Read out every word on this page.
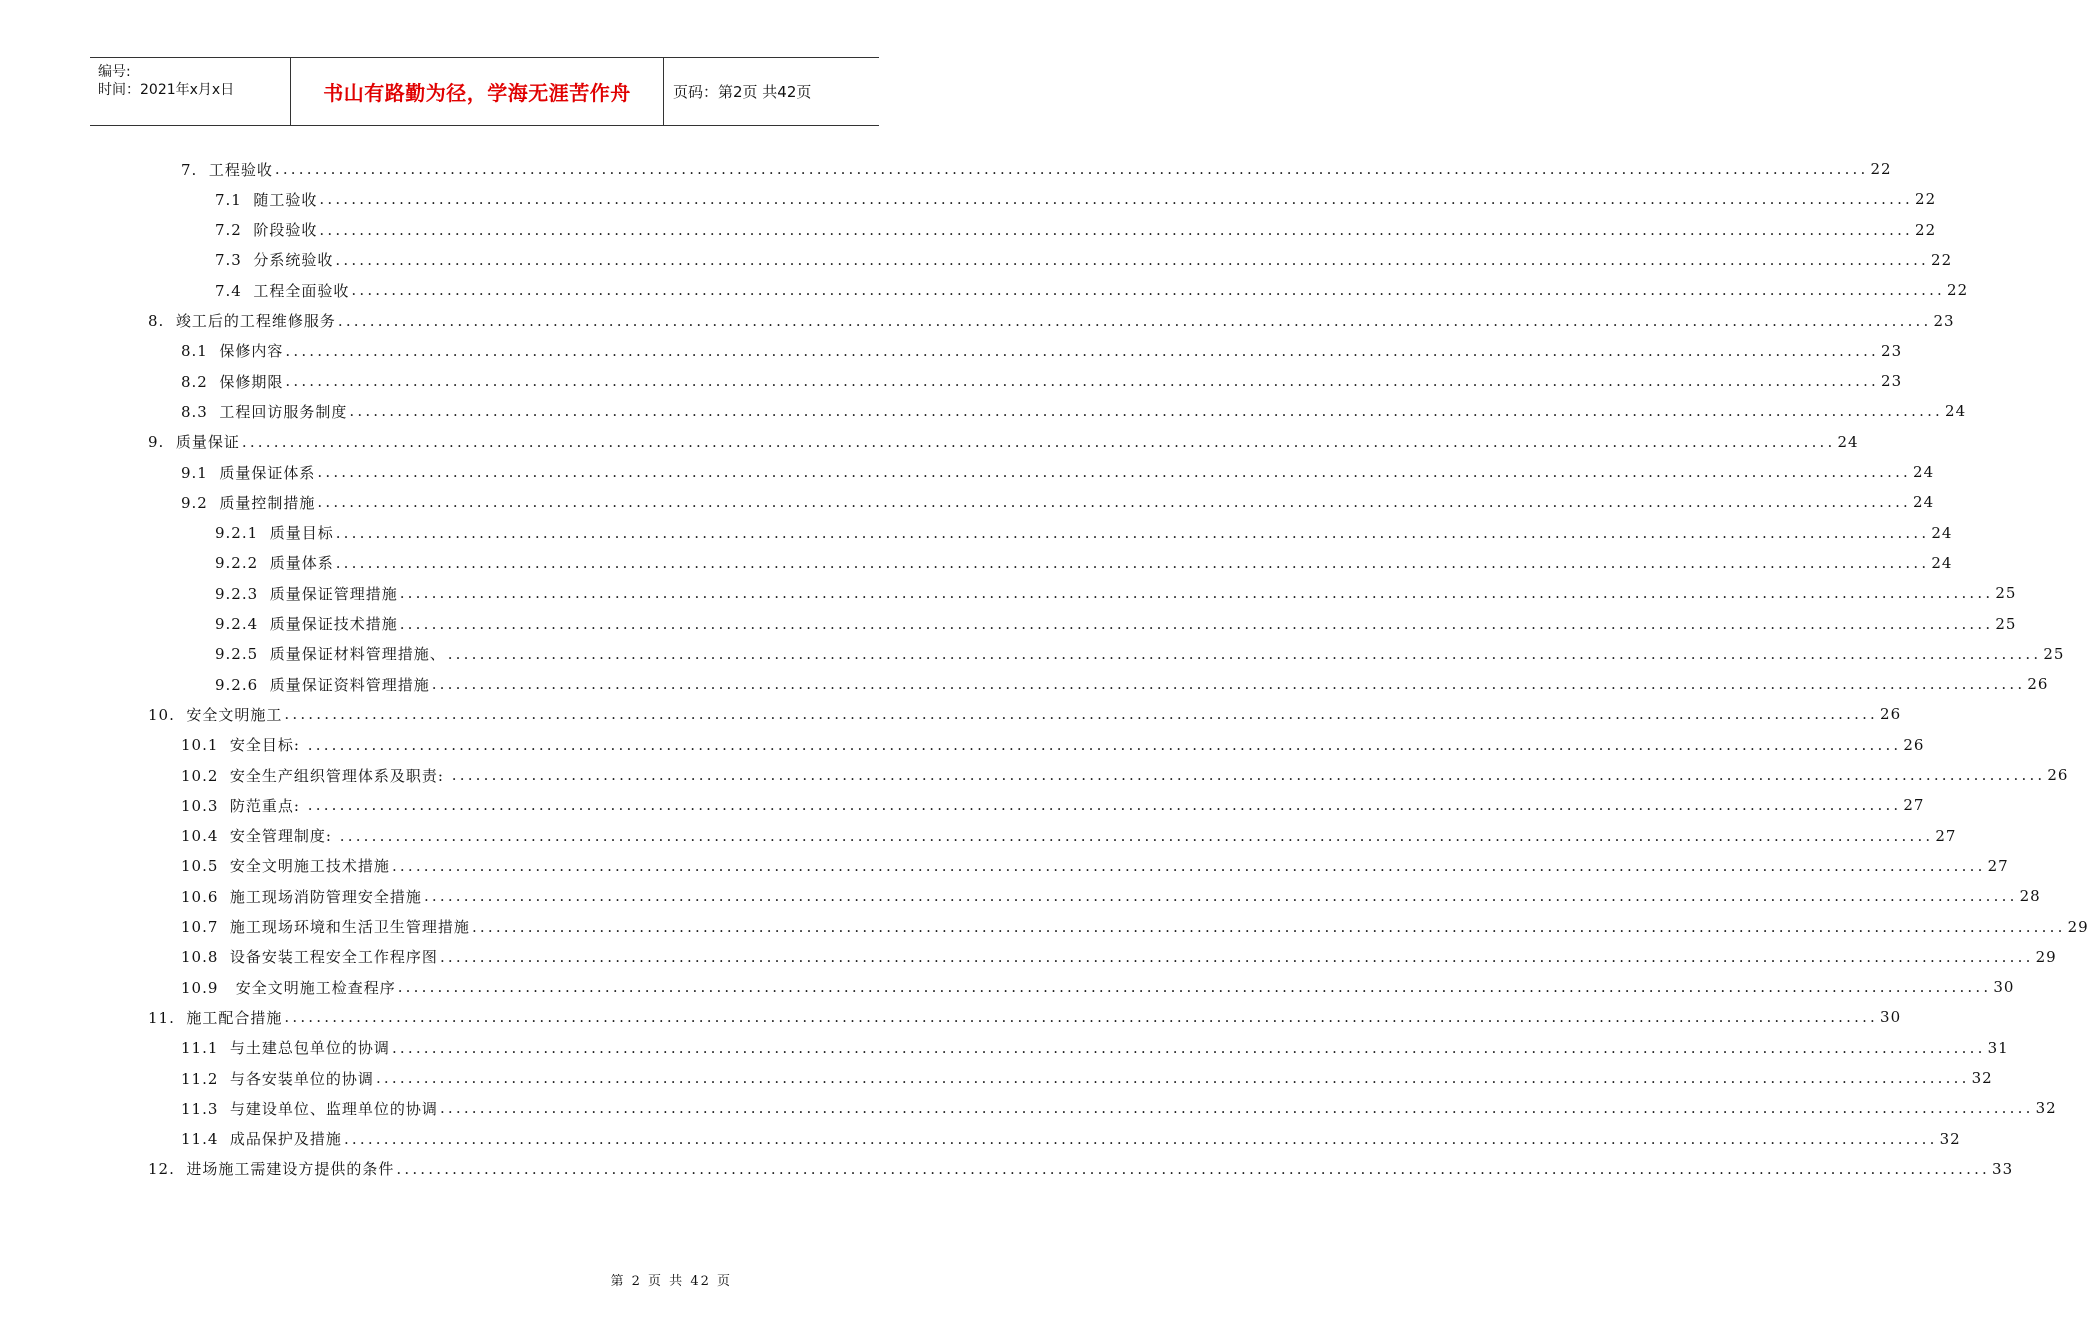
编号:
时间：2021年x月x日	书山有路勤为径，学海无涯苦作舟	页码：第2页 共42页
7.  工程验收 ........................................................................................................................................................................................................ 22
7.1  随工验收 ........................................................................................................................................................................................................ 22
7.2  阶段验收 ........................................................................................................................................................................................................ 22
7.3  分系统验收 ........................................................................................................................................................................................................ 22
7.4  工程全面验收 ........................................................................................................................................................................................................ 22
8.  竣工后的工程维修服务 ........................................................................................................................................................................................................ 23
8.1  保修内容 ........................................................................................................................................................................................................ 23
8.2  保修期限 ........................................................................................................................................................................................................ 23
8.3  工程回访服务制度 ........................................................................................................................................................................................................ 24
9.  质量保证 ........................................................................................................................................................................................................ 24
9.1  质量保证体系 ........................................................................................................................................................................................................ 24
9.2  质量控制措施 ........................................................................................................................................................................................................ 24
9.2.1  质量目标 ........................................................................................................................................................................................................ 24
9.2.2  质量体系 ........................................................................................................................................................................................................ 24
9.2.3  质量保证管理措施 ........................................................................................................................................................................................................ 25
9.2.4  质量保证技术措施 ........................................................................................................................................................................................................ 25
9.2.5  质量保证材料管理措施、 ........................................................................................................................................................................................................ 25
9.2.6  质量保证资料管理措施 ........................................................................................................................................................................................................ 26
10.  安全文明施工 ........................................................................................................................................................................................................ 26
10.1  安全目标: ........................................................................................................................................................................................................ 26
10.2  安全生产组织管理体系及职责: ........................................................................................................................................................................................................ 26
10.3  防范重点: ........................................................................................................................................................................................................ 27
10.4  安全管理制度: ........................................................................................................................................................................................................ 27
10.5  安全文明施工技术措施 ........................................................................................................................................................................................................ 27
10.6  施工现场消防管理安全措施 ........................................................................................................................................................................................................ 28
10.7  施工现场环境和生活卫生管理措施 ........................................................................................................................................................................................................ 29
10.8  设备安装工程安全工作程序图 ........................................................................................................................................................................................................ 29
10.9   安全文明施工检查程序 ........................................................................................................................................................................................................ 30
11.  施工配合措施 ........................................................................................................................................................................................................ 30
11.1  与土建总包单位的协调 ........................................................................................................................................................................................................ 31
11.2  与各安装单位的协调 ........................................................................................................................................................................................................ 32
11.3  与建设单位、监理单位的协调 ........................................................................................................................................................................................................ 32
11.4  成品保护及措施 ........................................................................................................................................................................................................ 32
12.  进场施工需建设方提供的条件 ........................................................................................................................................................................................................ 33
第 2 页 共 42 页
